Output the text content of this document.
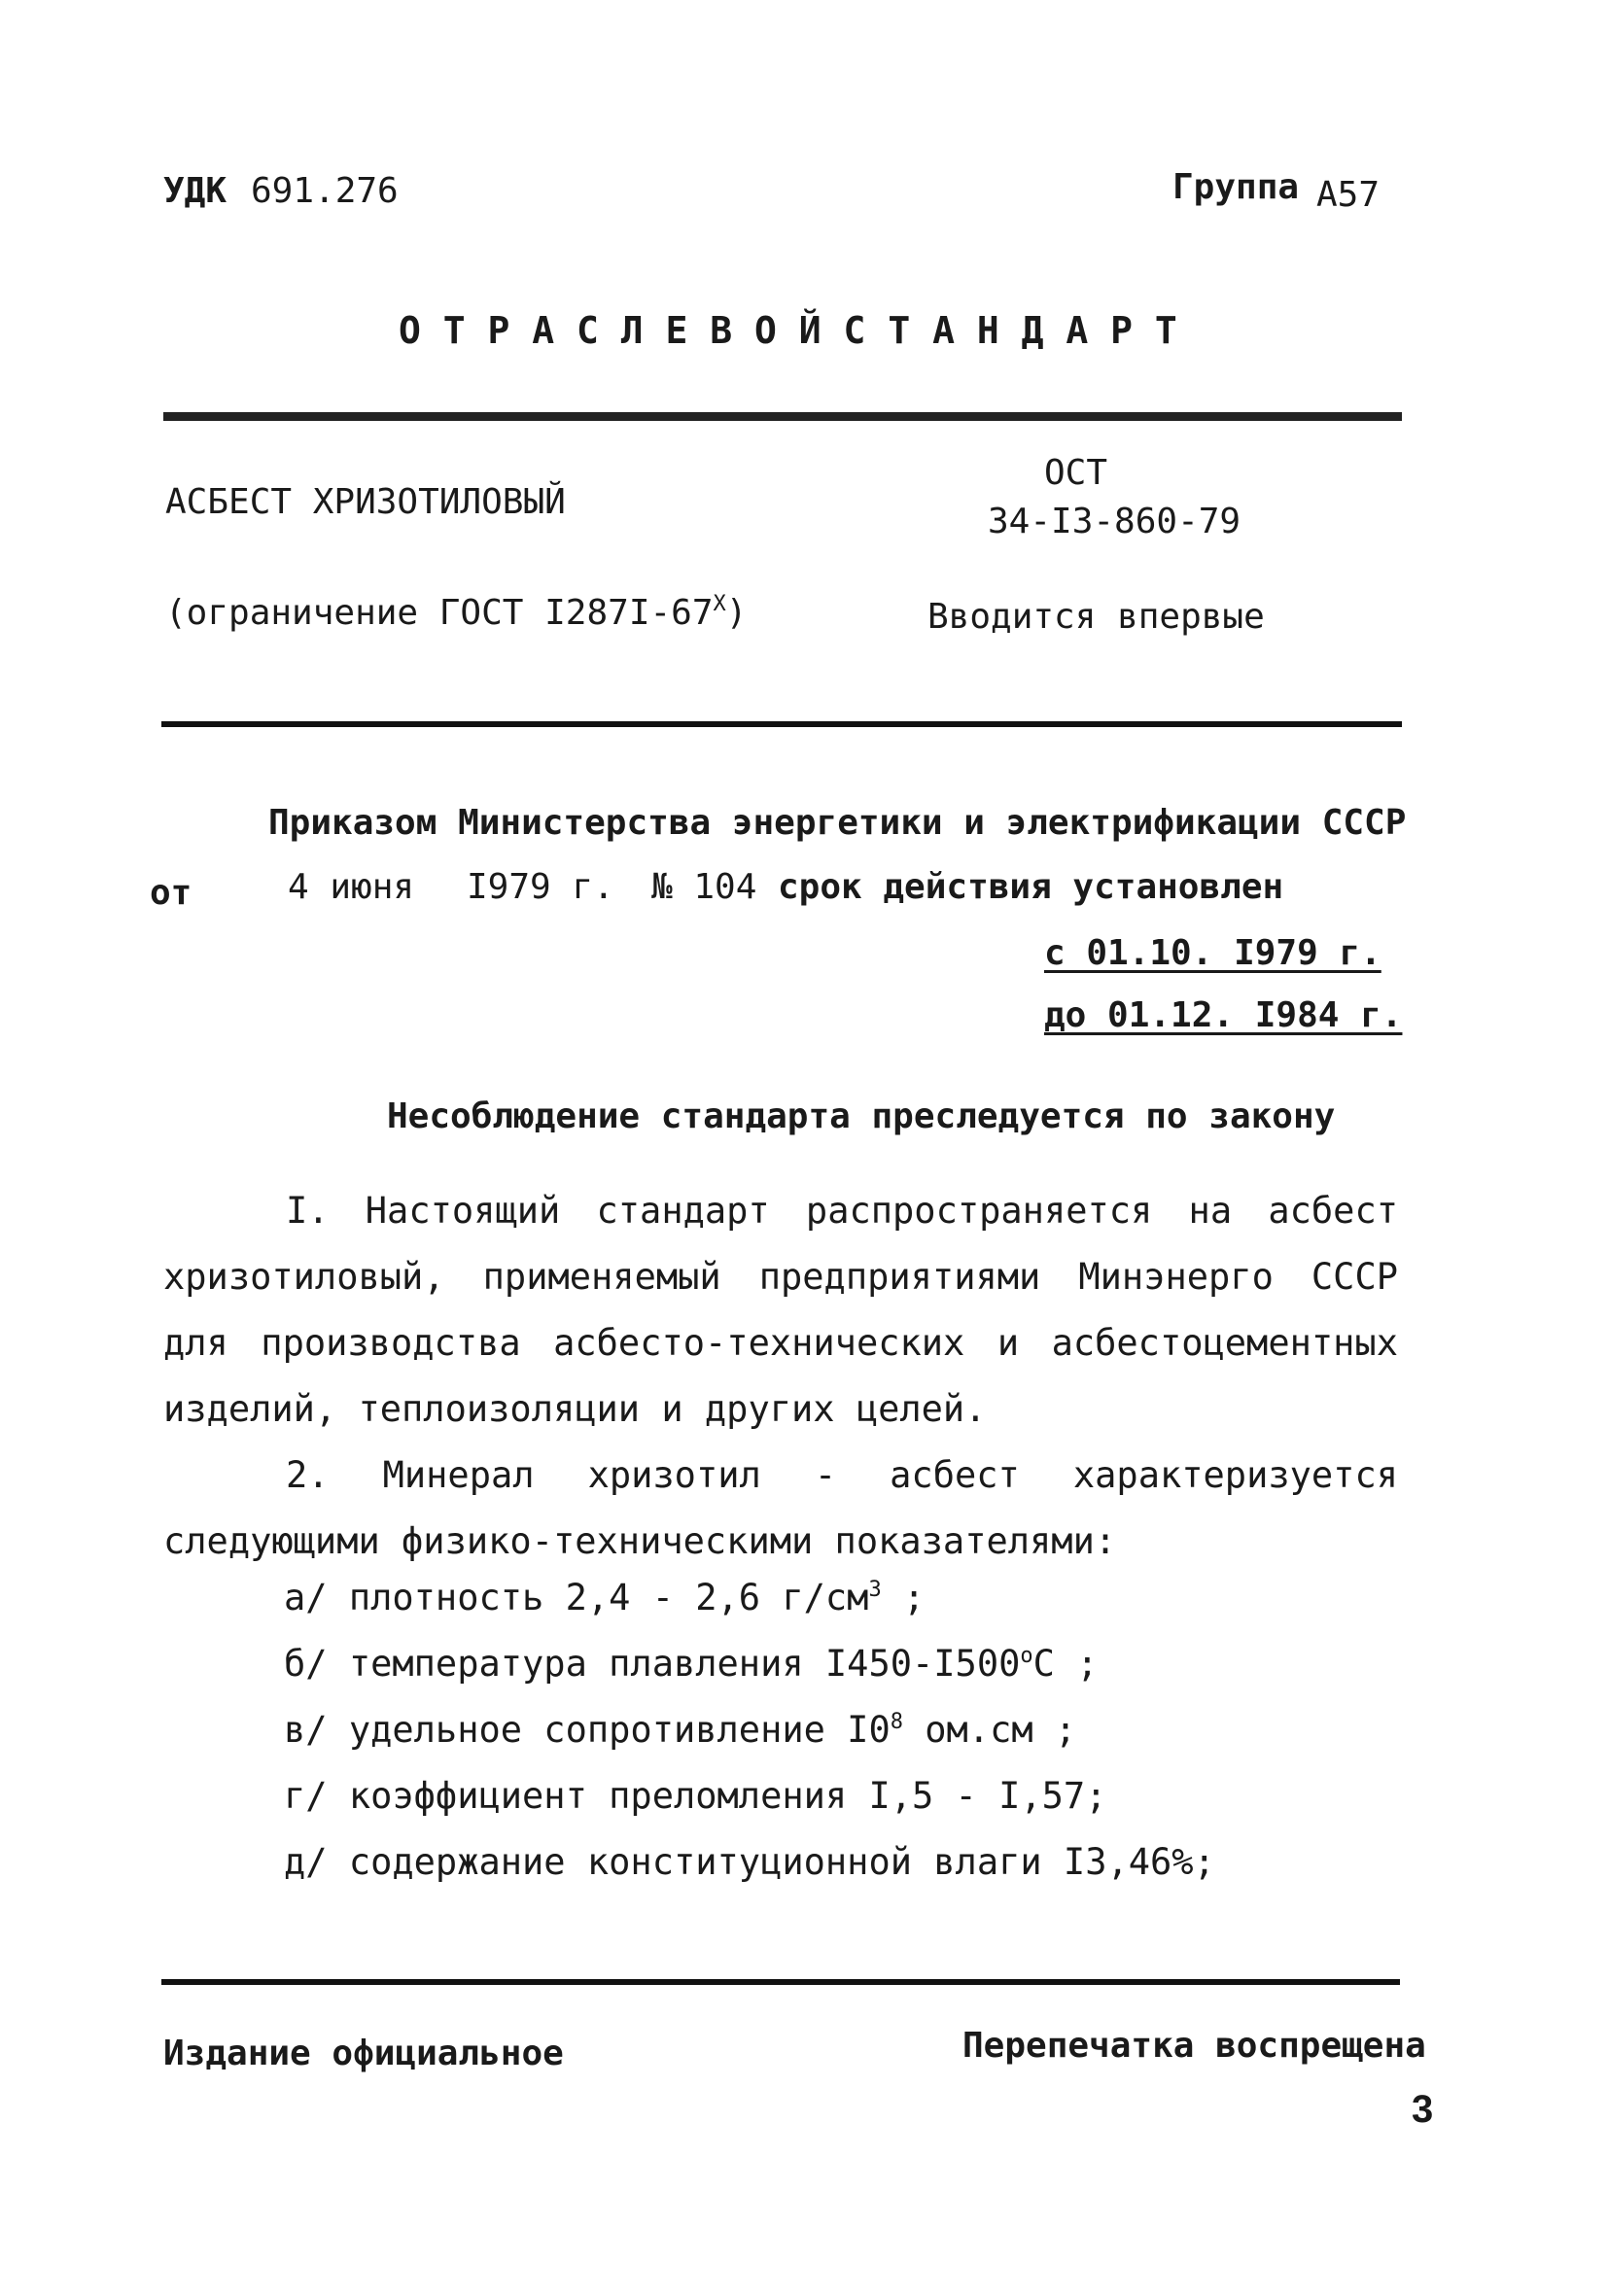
УДК 691.276	Группа А57
О Т Р А С Л Е В О Й С Т А Н Д А Р Т
АСБЕСТ ХРИЗОТИЛОВЫЙ
ОСТ
34-I3-860-79
(ограничение ГОСТ $I287I-67^Х$)	Вводится впервые
Приказом Министерства энергетики и электрификации СССР
от	4 июня I979 г. № 104 срок действия установлен
с 01.10. I979 г.
до 01.12. I984 г.
Несоблюдение стандарта преследуется по закону
I. Настоящий стандарт распространяется на асбест хризотиловый, применяемый предприятиями Минэнерго СССР для производства асбесто-технических и асбестоцементных изделий, теплоизоляции и других целей.
2. Минерал хризотил - асбест характеризуется следующими физико-техническими показателями:
а/ плотность 2,4 - 2,6 $г/см^3$ ;
б/ температура плавления $I450-I500^оС$ ;
в/ удельное сопротивление $I0^8$ ом.см ;
г/ коэффициент преломления I,5 - I,57;
д/ содержание конституционной влаги I3,46%;
Издание официальное	Перепечатка воспрещена
3
